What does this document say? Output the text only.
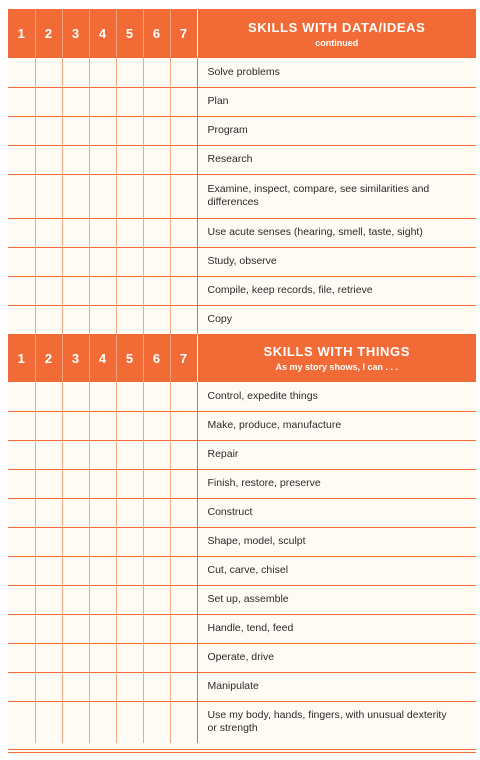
1	2	3	4	5	6	7	SKILLS WITH DATA/IDEAS
continued

							Solve problems
							Plan
							Program
							Research
							Examine, inspect, compare, see similarities and differences
							Use acute senses (hearing, smell, taste, sight)
							Study, observe
							Compile, keep records, file, retrieve
							Copy
1	2	3	4	5	6	7	SKILLS WITH THINGS
As my story shows, I can . . .

							Control, expedite things
							Make, produce, manufacture
							Repair
							Finish, restore, preserve
							Construct
							Shape, model, sculpt
							Cut, carve, chisel
							Set up, assemble
							Handle, tend, feed
							Operate, drive
							Manipulate
							Use my body, hands, fingers, with unusual dexterity or strength
